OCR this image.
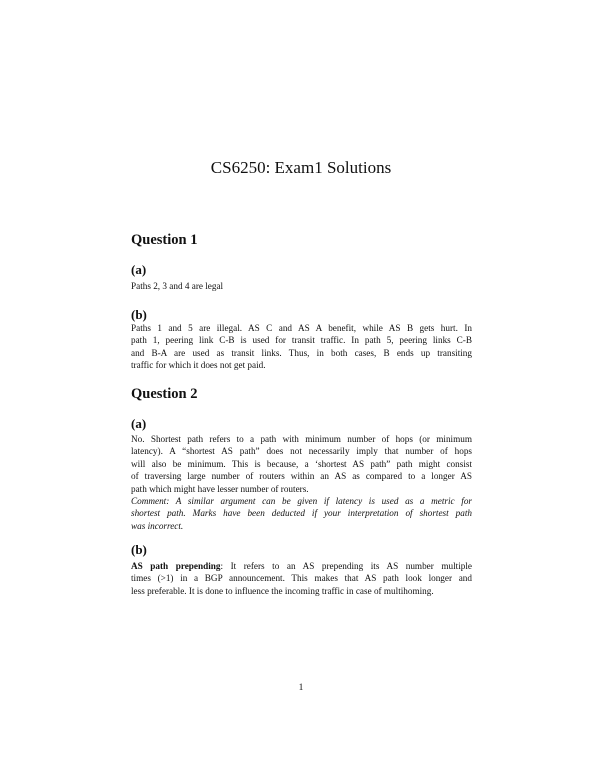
CS6250: Exam1 Solutions
Question 1
(a)
Paths 2, 3 and 4 are legal
(b)
Paths 1 and 5 are illegal. AS C and AS A benefit, while AS B gets hurt. In
path 1, peering link C-B is used for transit traffic. In path 5, peering links C-B
and B-A are used as transit links. Thus, in both cases, B ends up transiting
traffic for which it does not get paid.
Question 2
(a)
No. Shortest path refers to a path with minimum number of hops (or minimum
latency). A “shortest AS path” does not necessarily imply that number of hops
will also be minimum. This is because, a ‘shortest AS path” path might consist
of traversing large number of routers within an AS as compared to a longer AS
path which might have lesser number of routers.
Comment: A similar argument can be given if latency is used as a metric for
shortest path. Marks have been deducted if your interpretation of shortest path
was incorrect.
(b)
AS path prepending: It refers to an AS prepending its AS number multiple
times (>1) in a BGP announcement. This makes that AS path look longer and
less preferable. It is done to influence the incoming traffic in case of multihoming.
1
